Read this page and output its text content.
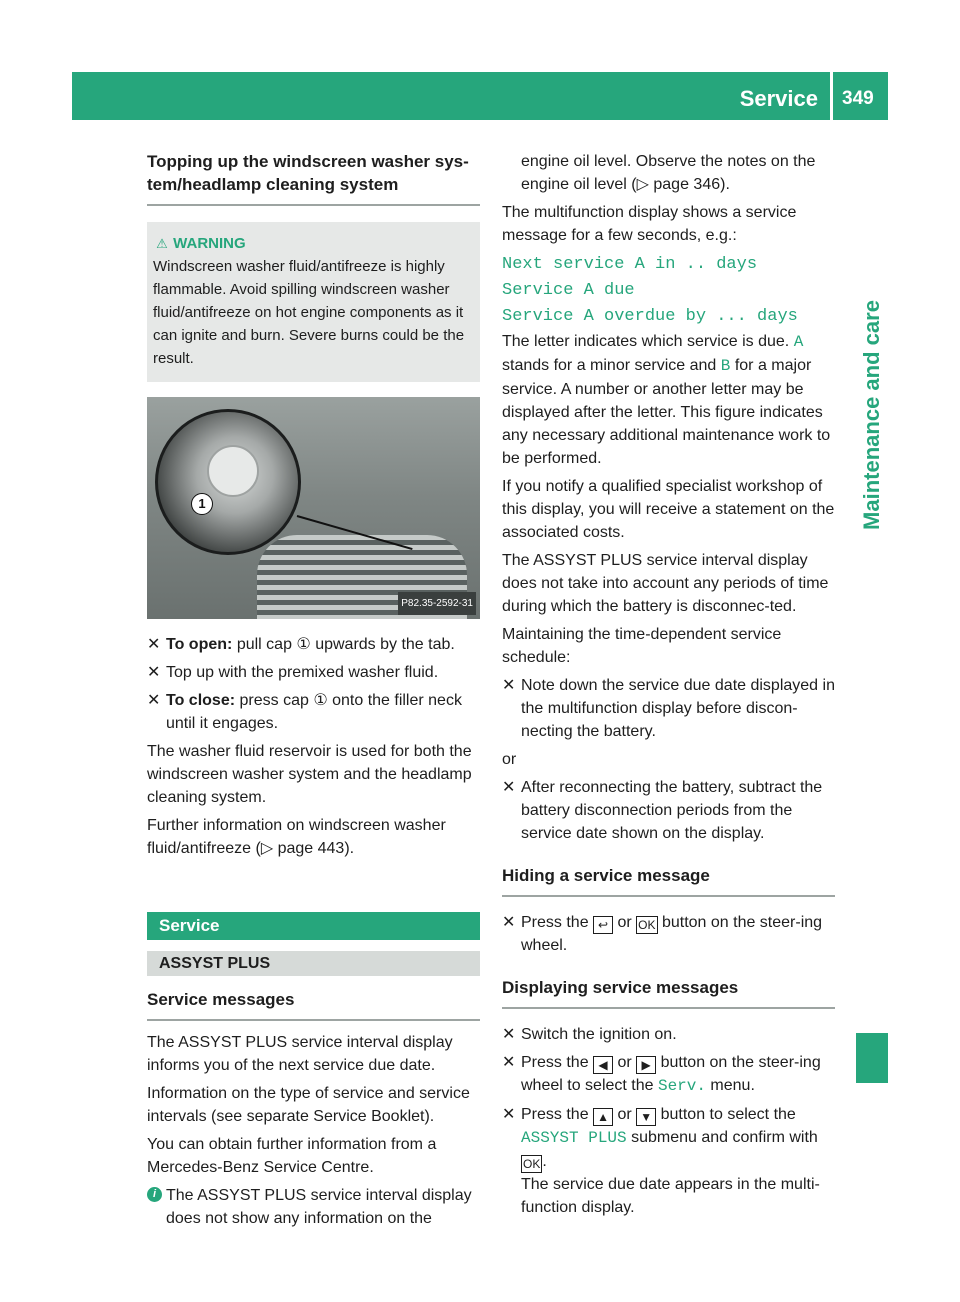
Service 349
Maintenance and care
Topping up the windscreen washer sys-tem/headlamp cleaning system
⚠ WARNING
Windscreen washer fluid/antifreeze is highly flammable. Avoid spilling windscreen washer fluid/antifreeze on hot engine components as it can ignite and burn. Severe burns could be the result.
1
P82.35-2592-31
✕ To open: pull cap ① upwards by the tab.
✕ Top up with the premixed washer fluid.
✕ To close: press cap ① onto the filler neck until it engages.

The washer fluid reservoir is used for both the windscreen washer system and the headlamp cleaning system.

Further information on windscreen washer fluid/antifreeze (▷ page 443).

Service
ASSYST PLUS
Service messages

The ASSYST PLUS service interval display informs you of the next service due date.

Information on the type of service and service intervals (see separate Service Booklet).

You can obtain further information from a Mercedes-Benz Service Centre.

i The ASSYST PLUS service interval display does not show any information on the
engine oil level. Observe the notes on the engine oil level (▷ page 346).

The multifunction display shows a service message for a few seconds, e.g.:

Next service A in .. days
Service A due
Service A overdue by ... days

The letter indicates which service is due. A stands for a minor service and B for a major service. A number or another letter may be displayed after the letter. This figure indicates any necessary additional maintenance work to be performed.

If you notify a qualified specialist workshop of this display, you will receive a statement on the associated costs.

The ASSYST PLUS service interval display does not take into account any periods of time during which the battery is disconnec-ted.

Maintaining the time-dependent service schedule:

✕ Note down the service due date displayed in the multifunction display before discon-necting the battery.

or

✕ After reconnecting the battery, subtract the battery disconnection periods from the service date shown on the display.
Hiding a service message
✕ Press the ↩ or OK button on the steer-ing wheel.
Displaying service messages
✕ Switch the ignition on.
✕ Press the ◀ or ▶ button on the steer-ing wheel to select the Serv. menu.
✕ Press the ▲ or ▼ button to select the ASSYST PLUS submenu and confirm with OK .
The service due date appears in the multi-function display.
